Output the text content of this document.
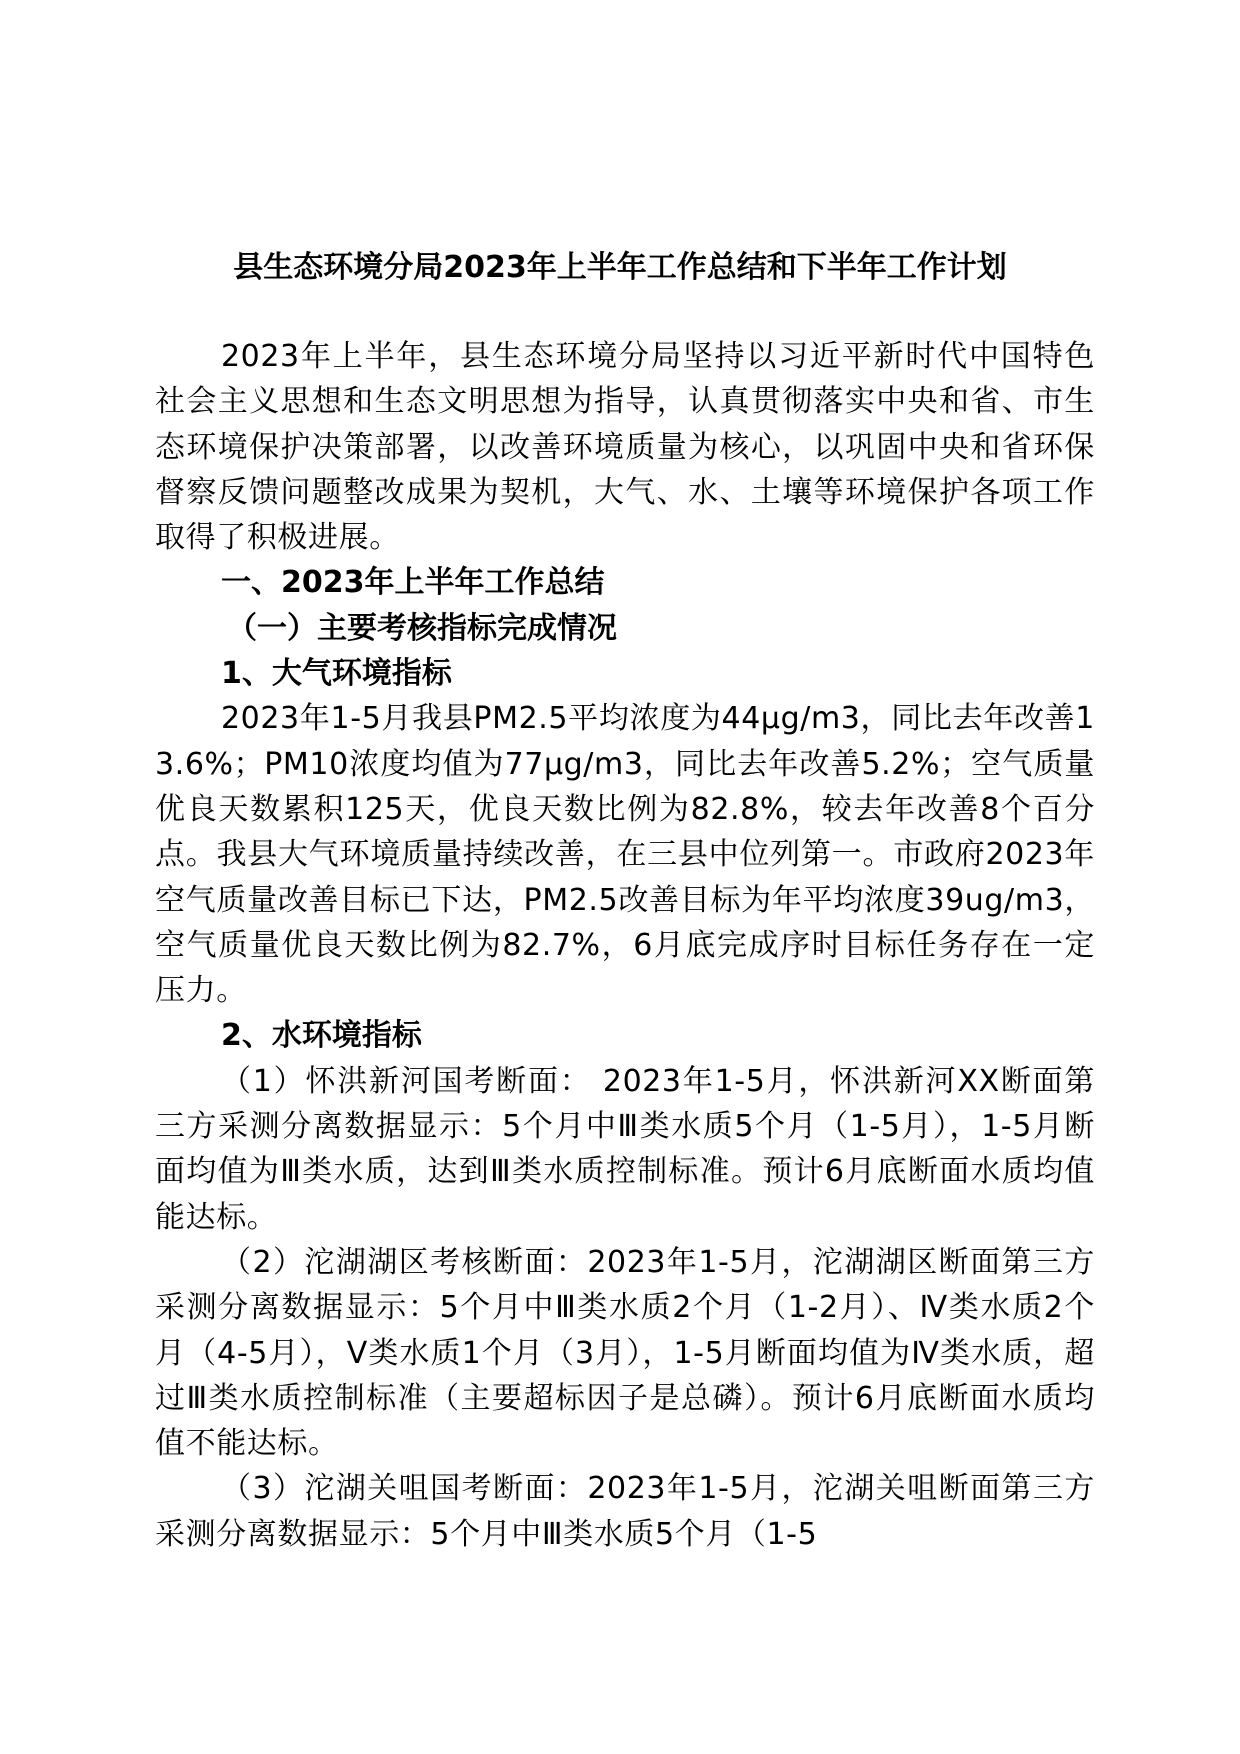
县生态环境分局2023年上半年工作总结和下半年工作计划

2023年上半年，县生态环境分局坚持以习近平新时代中国特色社会主义思想和生态文明思想为指导，认真贯彻落实中央和省、市生态环境保护决策部署，以改善环境质量为核心，以巩固中央和省环保督察反馈问题整改成果为契机，大气、水、土壤等环境保护各项工作取得了积极进展。

一、2023年上半年工作总结

（一）主要考核指标完成情况

1、大气环境指标

2023年1-5月我县PM2.5平均浓度为44μg/m3，同比去年改善13.6%；PM10浓度均值为77μg/m3，同比去年改善5.2%；空气质量优良天数累积125天，优良天数比例为82.8%，较去年改善8个百分点。我县大气环境质量持续改善，在三县中位列第一。市政府2023年空气质量改善目标已下达，PM2.5改善目标为年平均浓度39ug/m3，空气质量优良天数比例为82.7%，6月底完成序时目标任务存在一定压力。

2、水环境指标

（1）怀洪新河国考断面： 2023年1-5月，怀洪新河XX断面第三方采测分离数据显示：5个月中Ⅲ类水质5个月（1-5月），1-5月断面均值为Ⅲ类水质，达到Ⅲ类水质控制标准。预计6月底断面水质均值能达标。

（2）沱湖湖区考核断面：2023年1-5月，沱湖湖区断面第三方采测分离数据显示：5个月中Ⅲ类水质2个月（1-2月）、Ⅳ类水质2个月（4-5月），Ⅴ类水质1个月（3月），1-5月断面均值为Ⅳ类水质，超过Ⅲ类水质控制标准（主要超标因子是总磷）。预计6月底断面水质均值不能达标。

（3）沱湖关咀国考断面：2023年1-5月，沱湖关咀断面第三方采测分离数据显示：5个月中Ⅲ类水质5个月（1-5
